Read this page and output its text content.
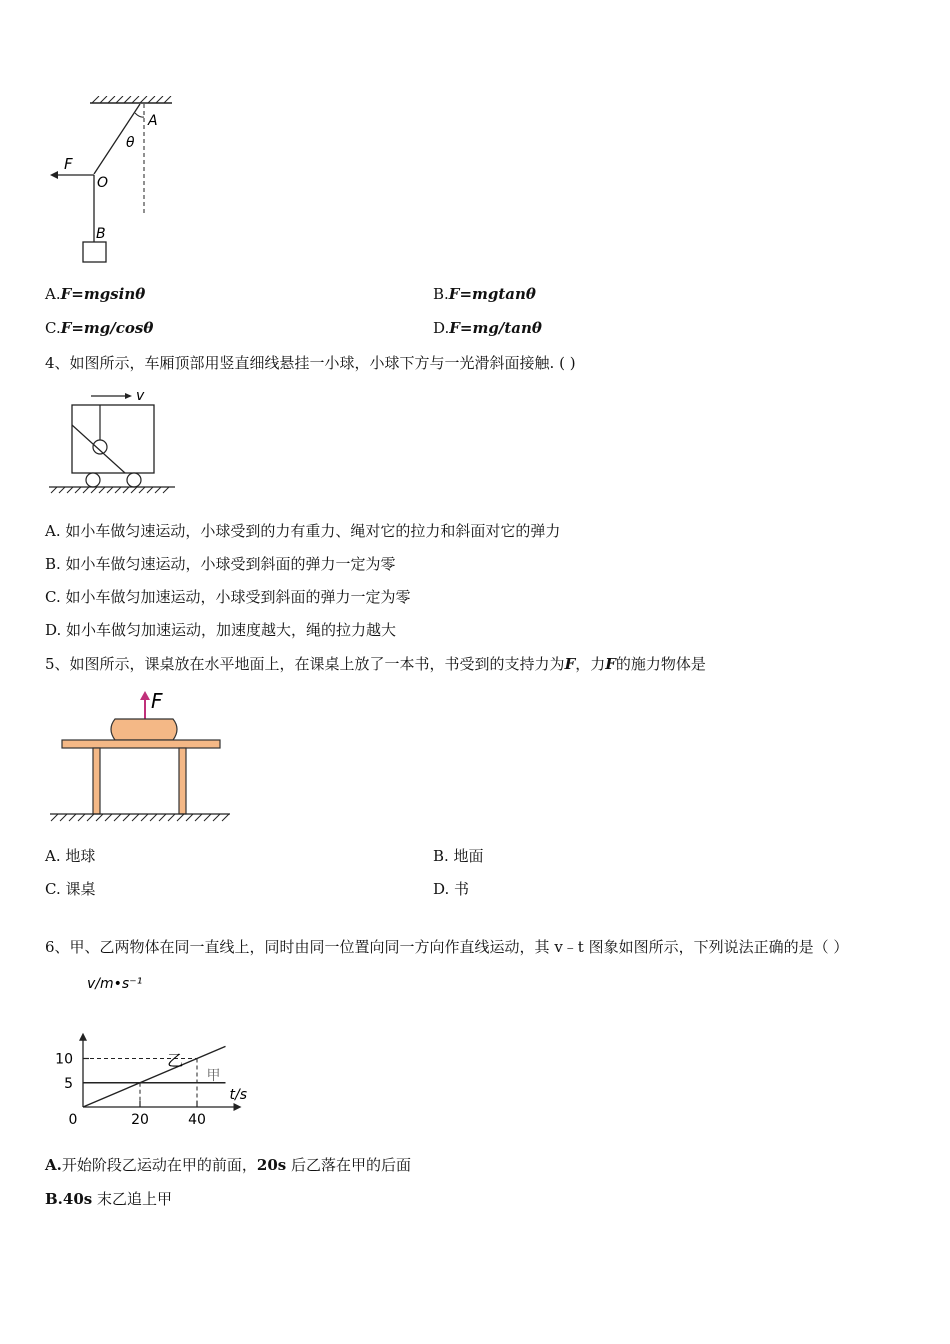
A
θ
F
O
B
A.F=mgsinθ	B.F=mgtanθ
C.F=mg/cosθ	D.F=mg/tanθ
4、如图所示，车厢顶部用竖直细线悬挂一小球，小球下方与一光滑斜面接触. ( )
v
A. 如小车做匀速运动，小球受到的力有重力、绳对它的拉力和斜面对它的弹力
B. 如小车做匀速运动，小球受到斜面的弹力一定为零
C. 如小车做匀加速运动，小球受到斜面的弹力一定为零
D. 如小车做匀加速运动，加速度越大，绳的拉力越大
5、如图所示，课桌放在水平地面上，在课桌上放了一本书，书受到的支持力为F，力F的施力物体是
F
A. 地球	B. 地面
C. 课桌	D. 书
6、甲、乙两物体在同一直线上，同时由同一位置向同一方向作直线运动，其 v﹣t 图象如图所示，下列说法正确的是（ ）
v/m•s⁻¹
t/s
5
10
0	20	40
甲
乙
A.开始阶段乙运动在甲的前面，20s 后乙落在甲的后面
B.40s 末乙追上甲
